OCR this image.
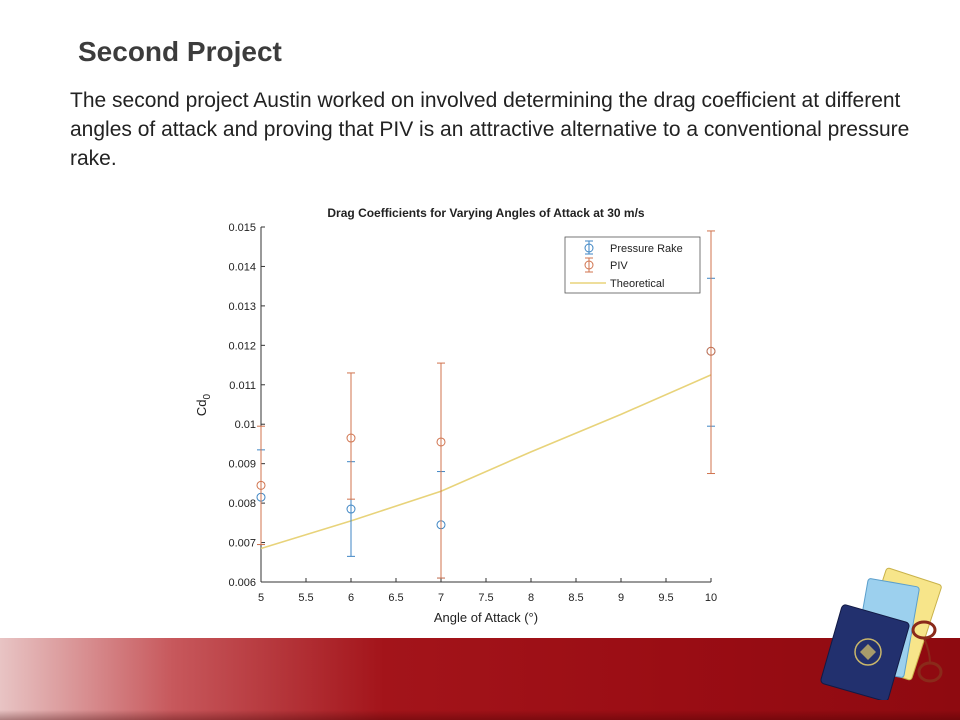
Second Project
The second project Austin worked on involved determining the drag coefficient at different angles of attack and proving that PIV is an attractive alternative to a conventional pressure rake.
Drag Coefficients for Varying Angles of Attack at 30 m/s
0.006
0.007
0.008
0.009
0.01
0.011
0.012
0.013
0.014
0.015
5	5.5	6	6.5	7	7.5	8	8.5	9	9.5	10
Angle of Attack (°)
$Cd_0$
Pressure Rake
PIV
Theoretical
